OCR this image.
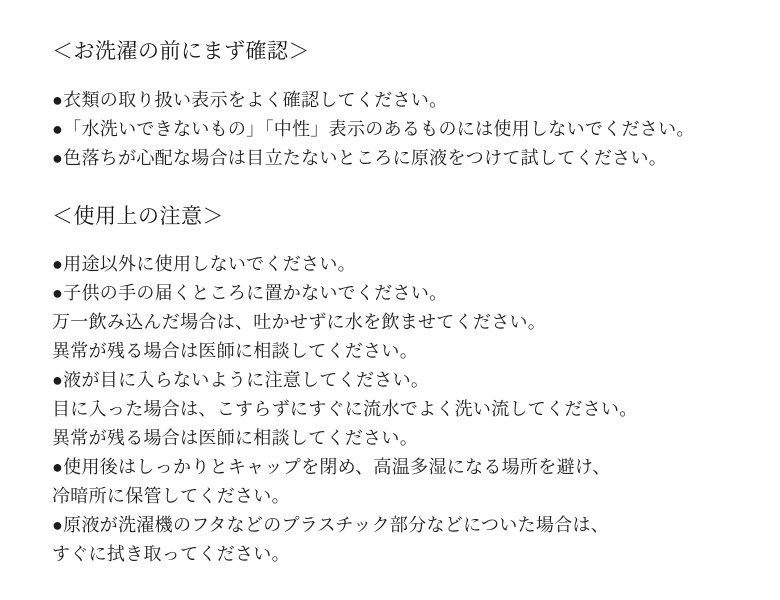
＜お洗濯の前にまず確認＞
●衣類の取り扱い表示をよく確認してください。
●「水洗いできないもの」「中性」表示のあるものには使用しないでください。
●色落ちが心配な場合は目立たないところに原液をつけて試してください。
＜使用上の注意＞
●用途以外に使用しないでください。
●子供の手の届くところに置かないでください。
万一飲み込んだ場合は、吐かせずに水を飲ませてください。
異常が残る場合は医師に相談してください。
●液が目に入らないように注意してください。
目に入った場合は、こすらずにすぐに流水でよく洗い流してください。
異常が残る場合は医師に相談してください。
●使用後はしっかりとキャップを閉め、高温多湿になる場所を避け、
冷暗所に保管してください。
●原液が洗濯機のフタなどのプラスチック部分などについた場合は、
すぐに拭き取ってください。
